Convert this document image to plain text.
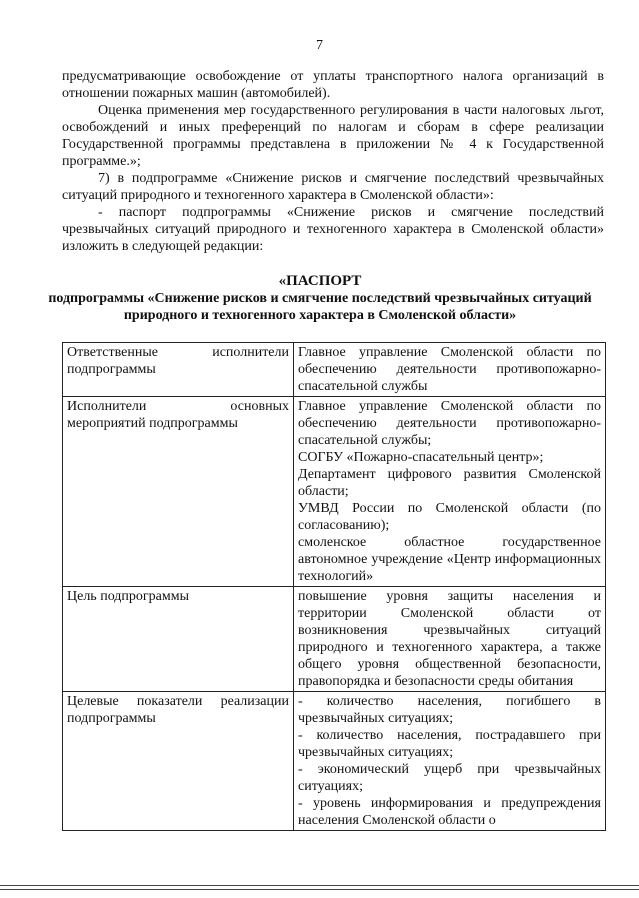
7

предусматривающие освобождение от уплаты транспортного налога организаций в отношении пожарных машин (автомобилей).

Оценка применения мер государственного регулирования в части налоговых льгот, освобождений и иных преференций по налогам и сборам в сфере реализации Государственной программы представлена в приложении № 4 к Государственной программе.»;

7) в подпрограмме «Снижение рисков и смягчение последствий чрезвычайных ситуаций природного и техногенного характера в Смоленской области»:

- паспорт подпрограммы «Снижение рисков и смягчение последствий чрезвычайных ситуаций природного и техногенного характера в Смоленской области» изложить в следующей редакции:

«ПАСПОРТ
подпрограммы «Снижение рисков и смягчение последствий чрезвычайных ситуаций природного и техногенного характера в Смоленской области»
Ответственные исполнители подпрограммы	Главное управление Смоленской области по обеспечению деятельности противопожарно-спасательной службы

Исполнители основных мероприятий подпрограммы	Главное управление Смоленской области по обеспечению деятельности противопожарно-спасательной службы;
СОГБУ «Пожарно-спасательный центр»;
Департамент цифрового развития Смоленской области;
УМВД России по Смоленской области (по согласованию);
смоленское областное государственное автономное учреждение «Центр информационных технологий»

Цель подпрограммы	повышение уровня защиты населения и территории Смоленской области от возникновения чрезвычайных ситуаций природного и техногенного характера, а также общего уровня общественной безопасности, правопорядка и безопасности среды обитания

Целевые показатели реализации подпрограммы	- количество населения, погибшего в чрезвычайных ситуациях;
- количество населения, пострадавшего при чрезвычайных ситуациях;
- экономический ущерб при чрезвычайных ситуациях;
- уровень информирования и предупреждения населения Смоленской области о
